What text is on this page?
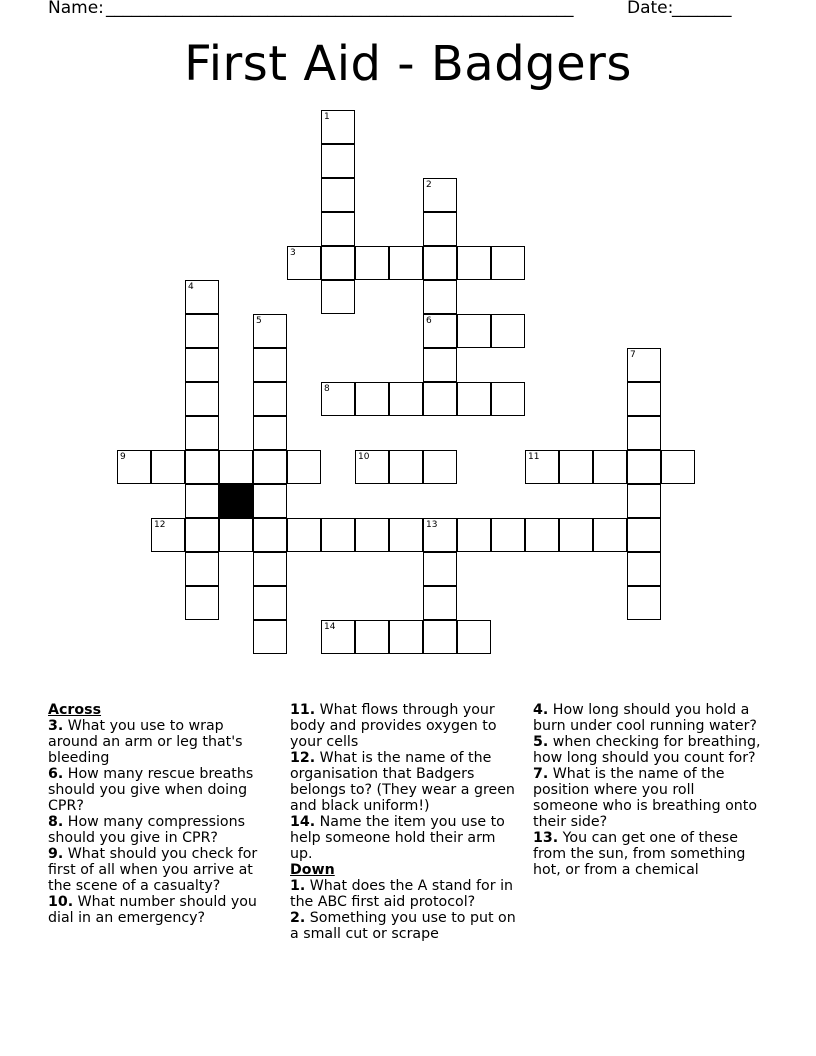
Name: _______________________________________________________	Date:
_______
First Aid - Badgers
1
2
6
3
4
5
7
8
9	10	11
12	13
14

Across

3. What you use to wrap around an arm or leg that's bleeding

6. How many rescue breaths should you give when doing CPR?

8. How many compressions should you give in CPR?

9. What should you check for first of all when you arrive at the scene of a casualty?

10. What number should you dial in an emergency?

11. What flows through your body and provides oxygen to your cells

12. What is the name of the organisation that Badgers belongs to? (They wear a green and black uniform!)

14. Name the item you use to help someone hold their arm up.

Down

1. What does the A stand for in the ABC first aid protocol?

2. Something you use to put on a small cut or scrape

4. How long should you hold a burn under cool running water?

5. when checking for breathing, how long should you count for?

7. What is the name of the position where you roll someone who is breathing onto their side?

13. You can get one of these from the sun, from something hot, or from a chemical
